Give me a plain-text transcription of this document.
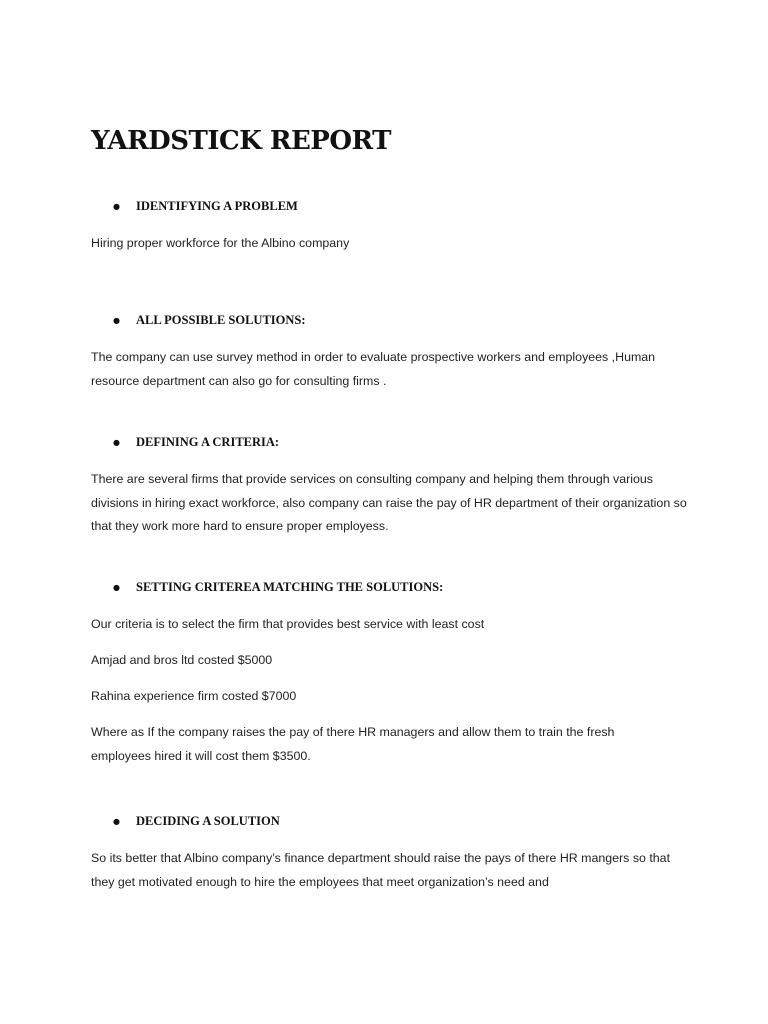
YARDSTICK REPORT
● IDENTIFYING A PROBLEM

Hiring proper workforce for the Albino company

● ALL POSSIBLE SOLUTIONS:

The company can use survey method in order to evaluate prospective workers and employees ,Human resource department can also go for consulting firms .

● DEFINING A CRITERIA:

There are several firms that provide services on consulting company and helping them through various divisions in hiring exact workforce, also company can raise the pay of HR department of their organization so that they work more hard to ensure proper employess.

● SETTING CRITEREA MATCHING THE SOLUTIONS:

Our criteria is to select the firm that provides best service with least cost

Amjad and bros ltd costed $5000

Rahina experience firm costed $7000

Where as If the company raises the pay of there HR managers and allow them to train the fresh employees hired it will cost them $3500.

● DECIDING A SOLUTION

So its better that Albino company’s finance department should raise the pays of there HR mangers so that they get motivated enough to hire the employees that meet organization’s need and
